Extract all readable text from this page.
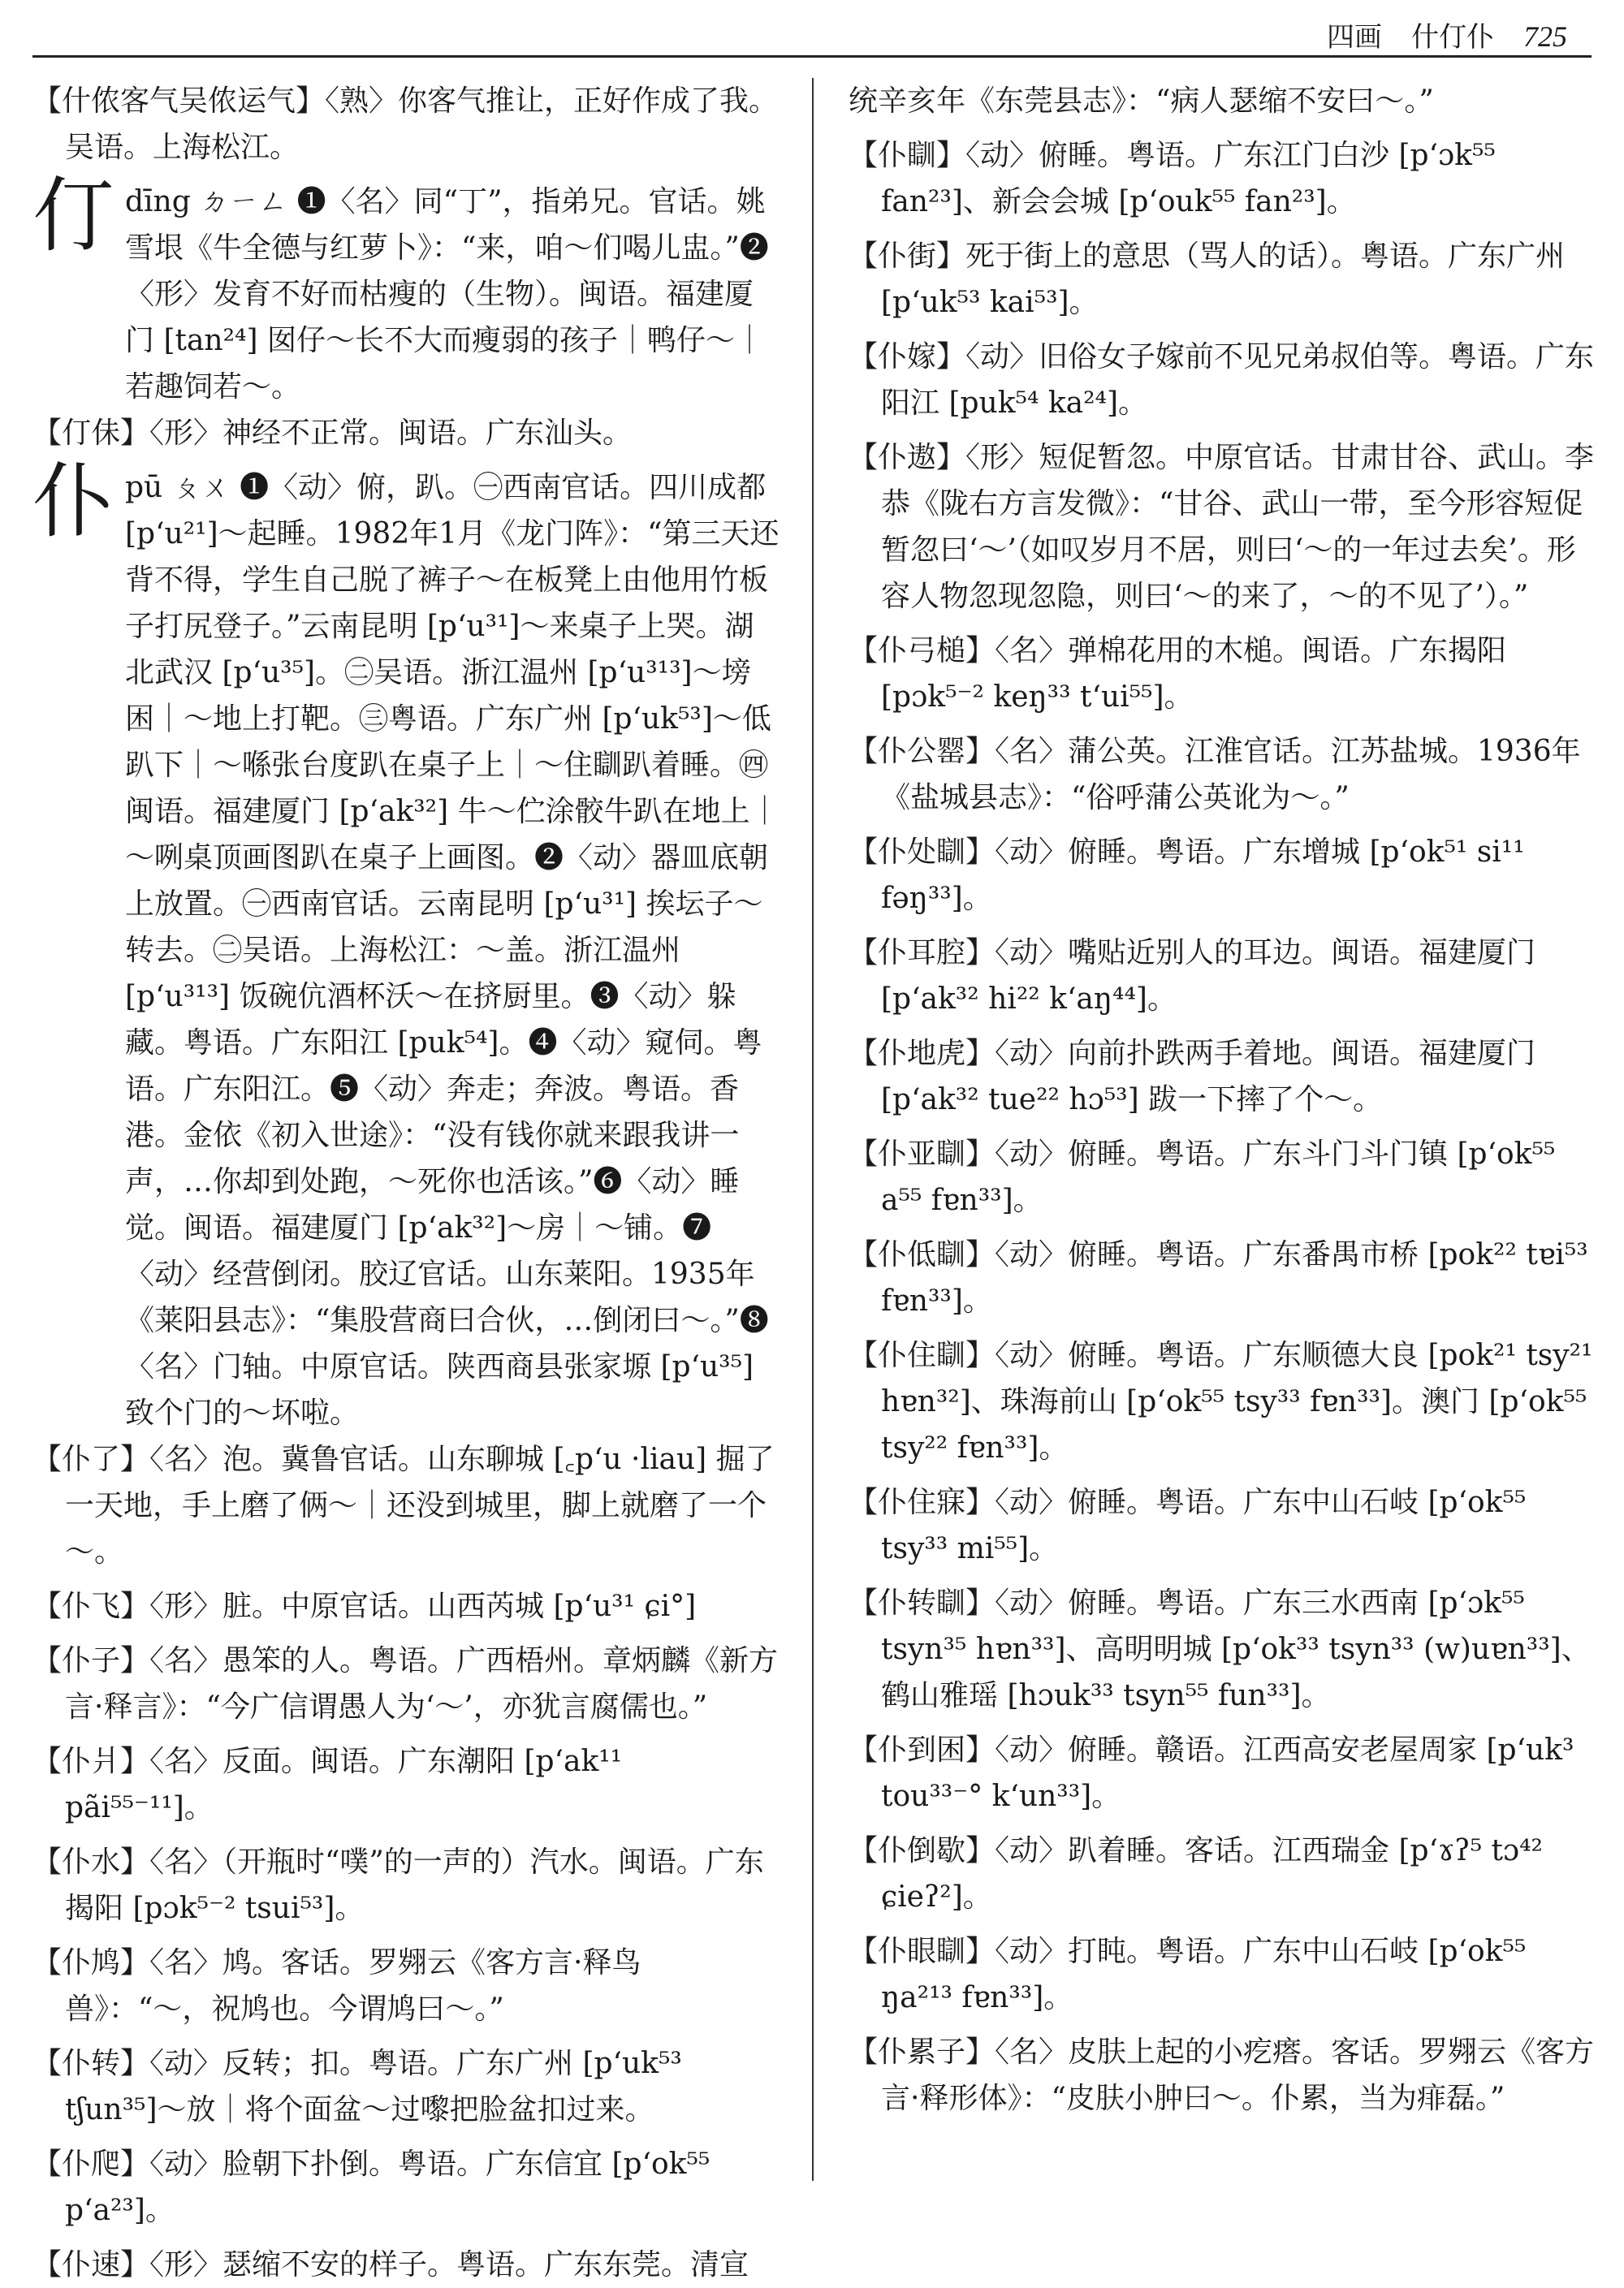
四画 什仃仆 725
【什侬客气吴侬运气】〈熟〉你客气推让，正好作成了我。吴语。上海松江。
仃 dīng ㄉㄧㄥ ❶〈名〉同“丁”，指弟兄。官话。姚雪垠《牛全德与红萝卜》：“来，咱～们喝儿盅。”❷〈形〉发育不好而枯瘦的（生物）。闽语。福建厦门 [tan²⁴] 囡仔～长不大而瘦弱的孩子｜鸭仔～｜若趣饲若～。
【仃佅】〈形〉神经不正常。闽语。广东汕头。
仆 pū ㄆㄨ ❶〈动〉俯，趴。㊀西南官话。四川成都 [pʻu²¹]～起睡。1982年1月《龙门阵》：“第三天还背不得，学生自己脱了裤子～在板凳上由他用竹板子打尻登子。”云南昆明 [pʻu³¹]～来桌子上哭。湖北武汉 [pʻu³⁵]。㊁吴语。浙江温州 [pʻu³¹³]～塝困｜～地上打靶。㊂粤语。广东广州 [pʻuk⁵³]～低趴下｜～喺张台度趴在桌子上｜～住瞓趴着睡。㊃闽语。福建厦门 [pʻak³²] 牛～伫涂骹牛趴在地上｜～咧桌顶画图趴在桌子上画图。❷〈动〉器皿底朝上放置。㊀西南官话。云南昆明 [pʻu³¹] 挨坛子～转去。㊁吴语。上海松江：～盖。浙江温州 [pʻu³¹³] 饭碗伉酒杯沃～在挤厨里。❸〈动〉躲藏。粤语。广东阳江 [puk⁵⁴]。❹〈动〉窥伺。粤语。广东阳江。❺〈动〉奔走；奔波。粤语。香港。金依《初入世途》：“没有钱你就来跟我讲一声，…你却到处跑，～死你也活该。”❻〈动〉睡觉。闽语。福建厦门 [pʻak³²]～房｜～铺。❼〈动〉经营倒闭。胶辽官话。山东莱阳。1935年《莱阳县志》：“集股营商曰合伙，…倒闭曰～。”❽〈名〉门轴。中原官话。陕西商县张家塬 [pʻu³⁵] 致个门的～坏啦。
【仆了】〈名〉泡。冀鲁官话。山东聊城 [꜀pʻu ·liau] 掘了一天地，手上磨了俩～｜还没到城里，脚上就磨了一个～。
【仆飞】〈形〉脏。中原官话。山西芮城 [pʻu³¹ ɕi°]
【仆子】〈名〉愚笨的人。粤语。广西梧州。章炳麟《新方言·释言》：“今广信谓愚人为‘～’，亦犹言腐儒也。”
【仆爿】〈名〉反面。闽语。广东潮阳 [pʻak¹¹ pãi⁵⁵⁻¹¹]。
【仆水】〈名〉（开瓶时“噗”的一声的）汽水。闽语。广东揭阳 [pɔk⁵⁻² tsui⁵³]。
【仆鸠】〈名〉鸠。客话。罗翙云《客方言·释鸟兽》：“～，祝鸠也。今谓鸠曰～。”
【仆转】〈动〉反转；扣。粤语。广东广州 [pʻuk⁵³ tʃun³⁵]～放｜将个面盆～过嚟把脸盆扣过来。
【仆爬】〈动〉脸朝下扑倒。粤语。广东信宜 [pʻok⁵⁵ pʻa²³]。
【仆速】〈形〉瑟缩不安的样子。粤语。广东东莞。清宣
统辛亥年《东莞县志》：“病人瑟缩不安曰～。”
【仆瞓】〈动〉俯睡。粤语。广东江门白沙 [pʻɔk⁵⁵ fan²³]、新会会城 [pʻouk⁵⁵ fan²³]。
【仆街】死于街上的意思（骂人的话）。粤语。广东广州 [pʻuk⁵³ kai⁵³]。
【仆嫁】〈动〉旧俗女子嫁前不见兄弟叔伯等。粤语。广东阳江 [puk⁵⁴ ka²⁴]。
【仆遨】〈形〉短促暂忽。中原官话。甘肃甘谷、武山。李恭《陇右方言发微》：“甘谷、武山一带，至今形容短促暂忽曰‘～’（如叹岁月不居，则曰‘～的一年过去矣’。形容人物忽现忽隐，则曰‘～的来了，～的不见了’）。”
【仆弓槌】〈名〉弹棉花用的木槌。闽语。广东揭阳 [pɔk⁵⁻² keŋ³³ tʻui⁵⁵]。
【仆公罂】〈名〉蒲公英。江淮官话。江苏盐城。1936年《盐城县志》：“俗呼蒲公英讹为～。”
【仆处瞓】〈动〉俯睡。粤语。广东增城 [pʻok⁵¹ si¹¹ fəŋ³³]。
【仆耳腔】〈动〉嘴贴近别人的耳边。闽语。福建厦门 [pʻak³² hi²² kʻaŋ⁴⁴]。
【仆地虎】〈动〉向前扑跌两手着地。闽语。福建厦门 [pʻak³² tue²² hɔ⁵³] 跋一下摔了个～。
【仆亚瞓】〈动〉俯睡。粤语。广东斗门斗门镇 [pʻok⁵⁵ a⁵⁵ fɐn³³]。
【仆低瞓】〈动〉俯睡。粤语。广东番禺市桥 [pok²² tɐi⁵³ fɐn³³]。
【仆住瞓】〈动〉俯睡。粤语。广东顺德大良 [pok²¹ tsy²¹ hɐn³²]、珠海前山 [pʻok⁵⁵ tsy³³ fɐn³³]。澳门 [pʻok⁵⁵ tsy²² fɐn³³]。
【仆住寐】〈动〉俯睡。粤语。广东中山石岐 [pʻok⁵⁵ tsy³³ mi⁵⁵]。
【仆转瞓】〈动〉俯睡。粤语。广东三水西南 [pʻɔk⁵⁵ tsyn³⁵ hɐn³³]、高明明城 [pʻok³³ tsyn³³ (w)uɐn³³]、鹤山雅瑶 [hɔuk³³ tsyn⁵⁵ fun³³]。
【仆到困】〈动〉俯睡。赣语。江西高安老屋周家 [pʻuk³ tou³³⁻° kʻun³³]。
【仆倒歇】〈动〉趴着睡。客话。江西瑞金 [pʻɤʔ⁵ tɔ⁴² ɕieʔ²]。
【仆眼瞓】〈动〉打盹。粤语。广东中山石岐 [pʻok⁵⁵ ŋa²¹³ fɐn³³]。
【仆累子】〈名〉皮肤上起的小疙瘩。客话。罗翙云《客方言·释形体》：“皮肤小肿曰～。仆累，当为痱磊。”
